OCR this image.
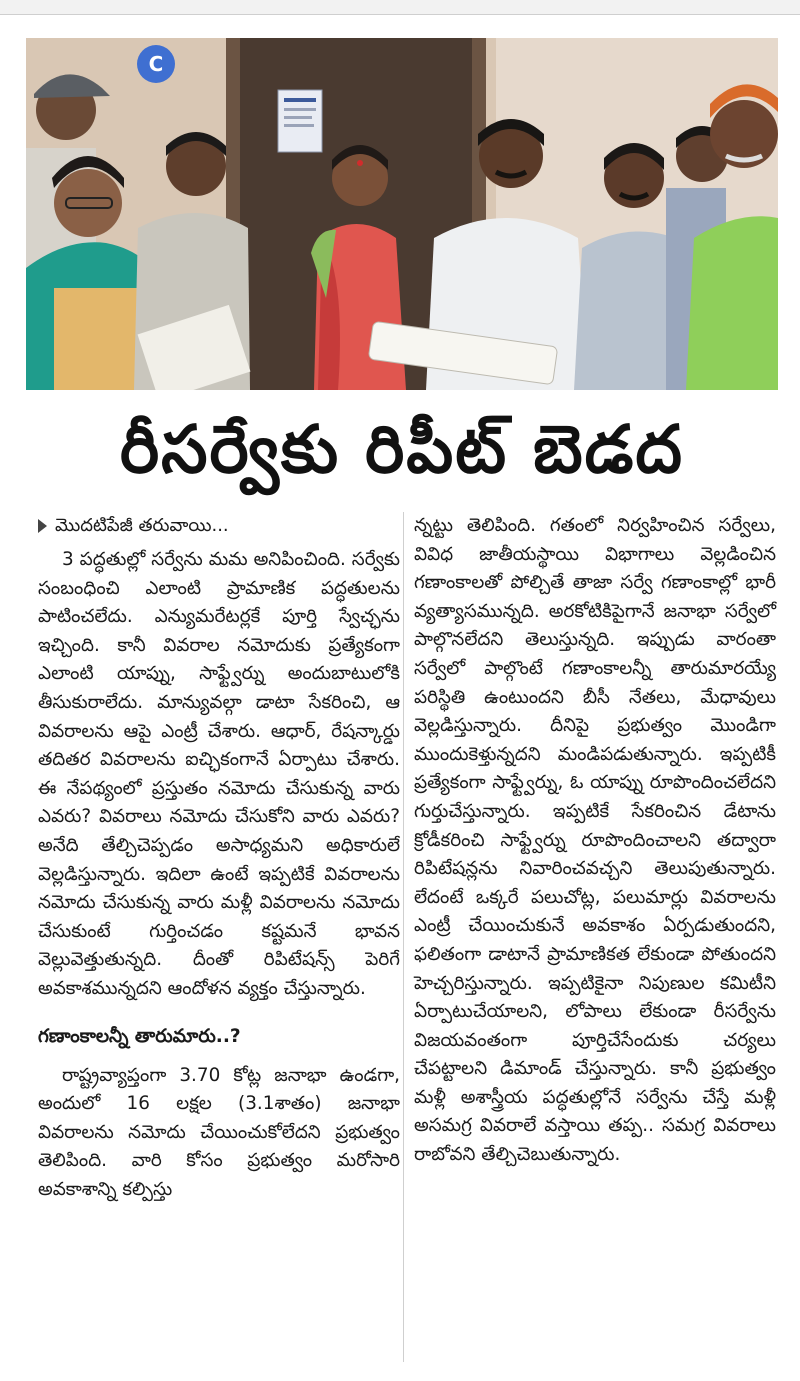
C
రీసర్వేకు రిపీట్ బెడద
మొదటిపేజీ తరువాయి...

3 పద్ధతుల్లో సర్వేను మమ అనిపించింది. సర్వేకు సంబంధించి ఎలాంటి ప్రామాణిక పద్ధతులను పాటించలేదు. ఎన్యుమరేటర్లకే పూర్తి స్వేచ్ఛను ఇచ్చింది. కానీ వివరాల నమోదుకు ప్రత్యేకంగా ఎలాంటి యాప్ను, సాఫ్ట్వేర్ను అందుబాటులోకి తీసుకురాలేదు. మాన్యువల్గా డాటా సేకరించి, ఆ వివరాలను ఆపై ఎంట్రీ చేశారు. ఆధార్, రేషన్కార్డు తదితర వివరాలను ఐచ్ఛికంగానే ఏర్పాటు చేశారు. ఈ నేపథ్యంలో ప్రస్తుతం నమోదు చేసుకున్న వారు ఎవరు? వివరాలు నమోదు చేసుకోని వారు ఎవరు? అనేది తేల్చిచెప్పడం అసాధ్యమని అధికారులే వెల్లడిస్తున్నారు. ఇదిలా ఉంటే ఇప్పటికే వివరాలను నమోదు చేసుకున్న వారు మళ్లీ వివరాలను నమోదు చేసుకుంటే గుర్తించడం కష్టమనే భావన వెల్లువెత్తుతున్నది. దీంతో రిపిటేషన్స్ పెరిగే అవకాశమున్నదని ఆందోళన వ్యక్తం చేస్తున్నారు.

గణాంకాలన్నీ తారుమారు..?

రాష్ట్రవ్యాప్తంగా 3.70 కోట్ల జనాభా ఉండగా, అందులో 16 లక్షల (3.1శాతం) జనాభా వివరాలను నమోదు చేయించుకోలేదని ప్రభుత్వం తెలిపింది. వారి కోసం ప్రభుత్వం మరోసారి అవకాశాన్ని కల్పిస్తు

న్నట్టు తెలిపింది. గతంలో నిర్వహించిన సర్వేలు, వివిధ జాతీయస్థాయి విభాగాలు వెల్లడించిన గణాంకాలతో పోల్చితే తాజా సర్వే గణాంకాల్లో భారీ వ్యత్యాసమున్నది. అరకోటికిపైగానే జనాభా సర్వేలో పాల్గొనలేదని తెలుస్తున్నది. ఇప్పుడు వారంతా సర్వేలో పాల్గొంటే గణాంకాలన్నీ తారుమారయ్యే పరిస్థితి ఉంటుందని బీసీ నేతలు, మేధావులు వెల్లడిస్తున్నారు. దీనిపై ప్రభుత్వం మొండిగా ముందుకెళ్తున్నదని మండిపడుతున్నారు. ఇప్పటికీ ప్రత్యేకంగా సాఫ్ట్వేర్ను, ఓ యాప్ను రూపొందించలేదని గుర్తుచేస్తున్నారు. ఇప్పటికే సేకరించిన డేటాను క్రోడీకరించి సాఫ్ట్వేర్ను రూపొందించాలని తద్వారా రిపిటేషన్లను నివారించవచ్చని తెలుపుతున్నారు. లేదంటే ఒక్కరే పలుచోట్ల, పలుమార్లు వివరాలను ఎంట్రీ చేయించుకునే అవకాశం ఏర్పడుతుందని, ఫలితంగా డాటానే ప్రామాణికత లేకుండా పోతుందని హెచ్చరిస్తున్నారు. ఇప్పటికైనా నిపుణుల కమిటీని ఏర్పాటుచేయాలని, లోపాలు లేకుండా రీసర్వేను విజయవంతంగా పూర్తిచేసేందుకు చర్యలు చేపట్టాలని డిమాండ్ చేస్తున్నారు. కానీ ప్రభుత్వం మళ్లీ అశాస్త్రీయ పద్ధతుల్లోనే సర్వేను చేస్తే మళ్లీ అసమగ్ర వివరాలే వస్తాయి తప్ప.. సమగ్ర వివరాలు రాబోవని తేల్చిచెబుతున్నారు.
